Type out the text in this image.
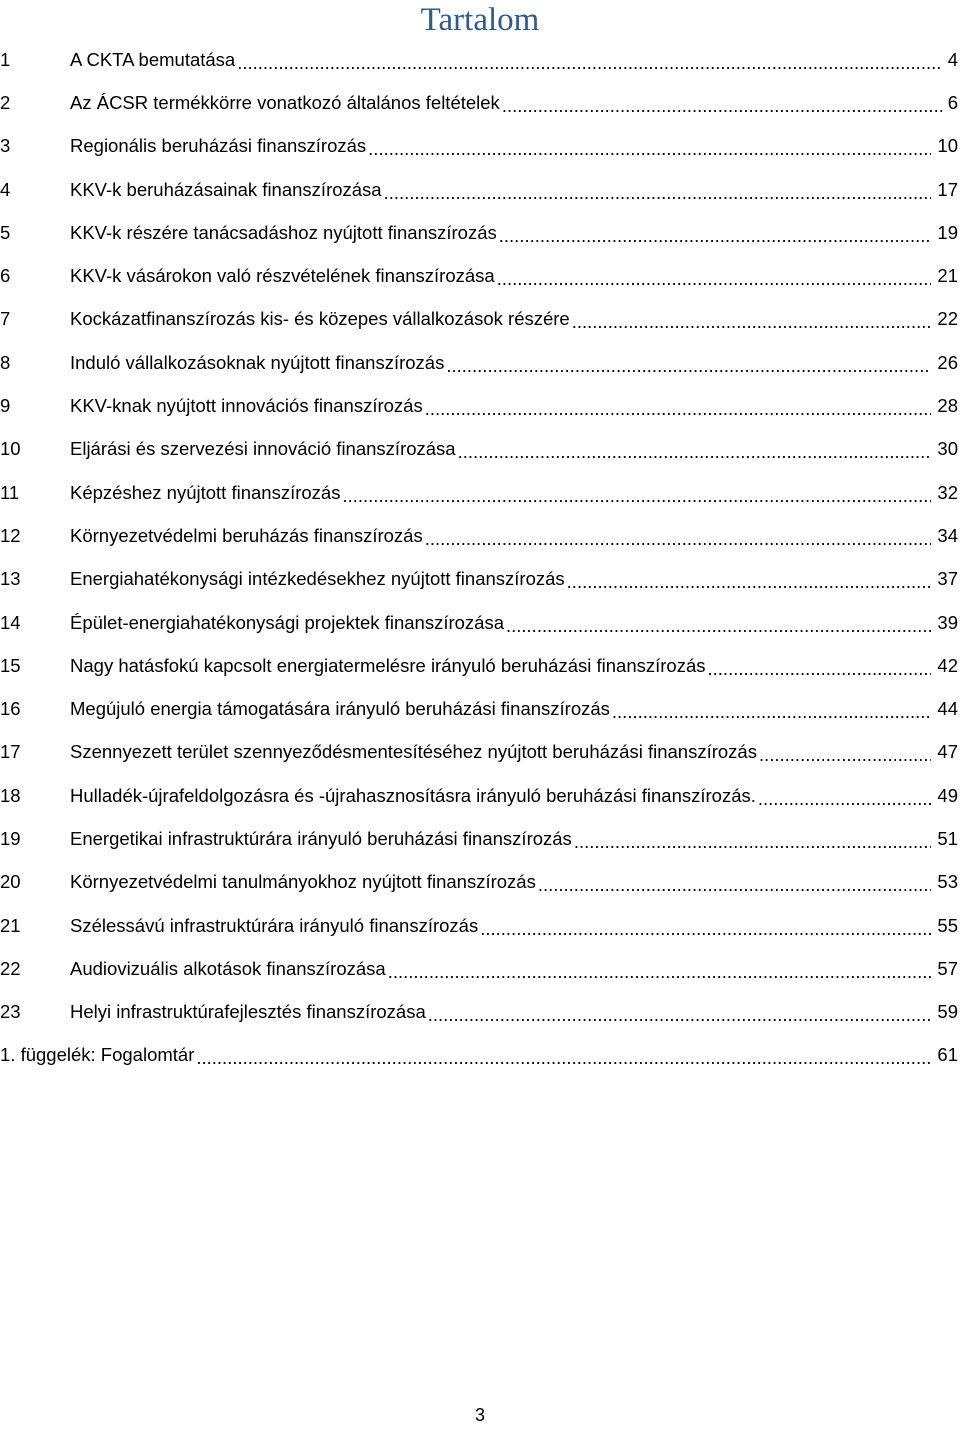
Tartalom
1	A CKTA bemutatása .....	4
2	Az ÁCSR termékkörre vonatkozó általános feltételek .....	6
3	Regionális beruházási finanszírozás .....	10
4	KKV-k beruházásainak finanszírozása .....	17
5	KKV-k részére tanácsadáshoz nyújtott finanszírozás .....	19
6	KKV-k vásárokon való részvételének finanszírozása .....	21
7	Kockázatfinanszírozás kis- és közepes vállalkozások részére .....	22
8	Induló vállalkozásoknak nyújtott finanszírozás .....	26
9	KKV-knak nyújtott innovációs finanszírozás .....	28
10	Eljárási és szervezési innováció finanszírozása .....	30
11	Képzéshez nyújtott finanszírozás .....	32
12	Környezetvédelmi beruházás finanszírozás .....	34
13	Energiahatékonysági intézkedésekhez nyújtott finanszírozás .....	37
14	Épület-energiahatékonysági projektek finanszírozása .....	39
15	Nagy hatásfokú kapcsolt energiatermelésre irányuló beruházási finanszírozás .....	42
16	Megújuló energia támogatására irányuló beruházási finanszírozás .....	44
17	Szennyezett terület szennyeződésmentesítéséhez nyújtott beruházási finanszírozás .....	47
18	Hulladék-újrafeldolgozásra és -újrahasznosításra irányuló beruházási finanszírozás. .....	49
19	Energetikai infrastruktúrára irányuló beruházási finanszírozás .....	51
20	Környezetvédelmi tanulmányokhoz nyújtott finanszírozás .....	53
21	Szélessávú infrastruktúrára irányuló finanszírozás .....	55
22	Audiovizuális alkotások finanszírozása .....	57
23	Helyi infrastruktúrafejlesztés finanszírozása .....	59
1. függelék: Fogalomtár .....	61
3
